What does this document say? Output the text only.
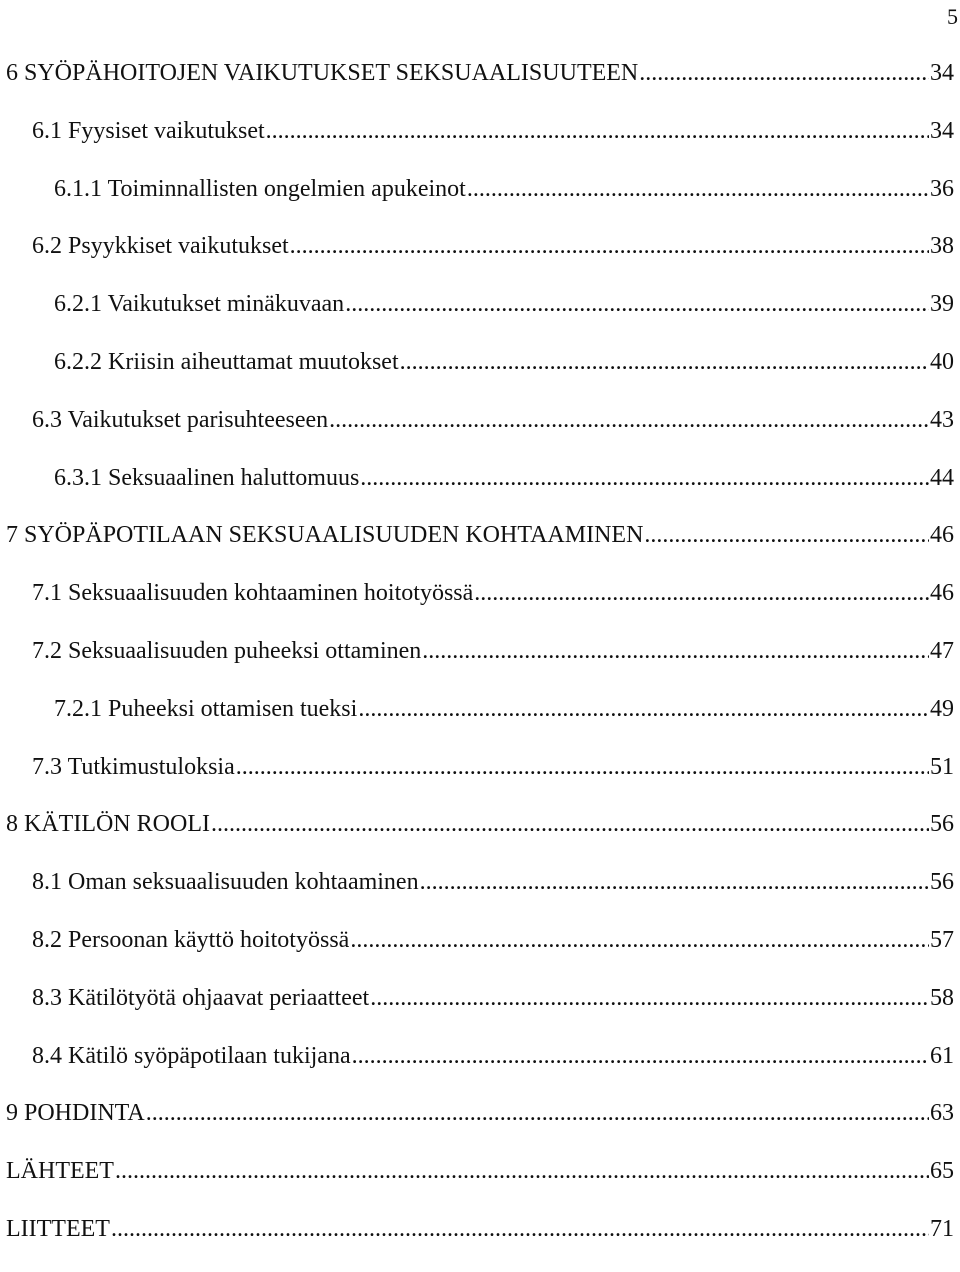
5
6 SYÖPÄHOITOJEN VAIKUTUKSET SEKSUAALISUUTEEN .....	34
6.1 Fyysiset vaikutukset .....	34
6.1.1 Toiminnallisten ongelmien apukeinot .....	36
6.2 Psyykkiset vaikutukset .....	38
6.2.1 Vaikutukset minäkuvaan .....	39
6.2.2 Kriisin aiheuttamat muutokset .....	40
6.3 Vaikutukset parisuhteeseen .....	43
6.3.1 Seksuaalinen haluttomuus .....	44
7 SYÖPÄPOTILAAN SEKSUAALISUUDEN KOHTAAMINEN .....	46
7.1 Seksuaalisuuden kohtaaminen hoitotyössä .....	46
7.2 Seksuaalisuuden puheeksi ottaminen .....	47
7.2.1 Puheeksi ottamisen tueksi .....	49
7.3 Tutkimustuloksia .....	51
8 KÄTILÖN ROOLI .....	56
8.1 Oman seksuaalisuuden kohtaaminen .....	56
8.2 Persoonan käyttö hoitotyössä .....	57
8.3 Kätilötyötä ohjaavat periaatteet .....	58
8.4 Kätilö syöpäpotilaan tukijana .....	61
9 POHDINTA .....	63
LÄHTEET .....	65
LIITTEET .....	71
